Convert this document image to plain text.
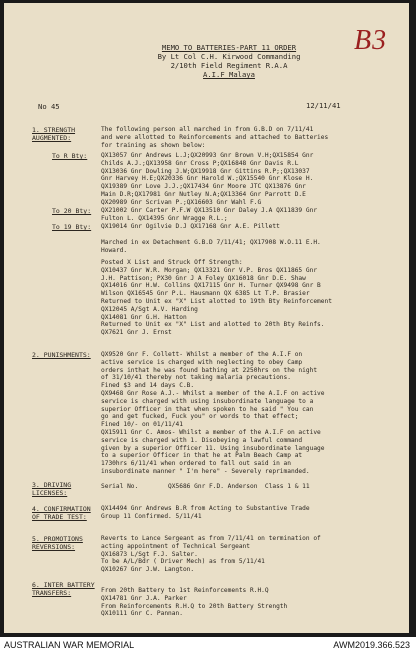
B3
MEMO TO BATTERIES-PART 11 ORDER
By Lt Col C.H. Kirwood Commanding
2/10th Field Regiment R.A.A
A.I.F Malaya
No 45	12/11/41
1. STRENGTH AUGMENTED:
The following person all marched in from G.B.D on 7/11/41
and were allotted to Reinforcements and attached to Batteries
for training as shown below:
To R Bty: QX13057 Gnr Andrews L.J;QX20993 Gnr Brown V.H;QX15854 Gnr
Childs A.J.;QX13958 Gnr Cross P;QX16848 Gnr Davis R.L
QX13036 Gnr Dowling J.W;QX19918 Gnr Gittins R.P;;QX13037
Gnr Harvey H.E;QX20336 Gnr Harold W.;QX15540 Gnr Klose H.
QX19389 Gnr Love J.J.;QX17434 Gnr Moore JTC QX13876 Gnr
Main D.R;QX17981 Gnr Nutley N.A;QX13364 Gnr Parrott D.E
QX20989 Gnr Scrivan P.;QX16603 Gnr Wahl F.G
To 20 Bty: QX21002 Gnr Carter P.F.W QX13510 Gnr Daley J.A QX11839 Gnr
Fulton L. QX14395 Gnr Wragge R.L.;
To 19 Bty: QX19014 Gnr Ogilvie D.J QX17168 Gnr A.E. Pillett
Marched in ex Detachment G.B.D 7/11/41; QX17908 W.O.11 E.H.
Howard.
Posted X List and Struck Off Strength:
QX10437 Gnr W.R. Morgan; QX13321 Gnr V.P. Bros QX11865 Gnr
J.H. Pattison; PX30 Gnr J A Foley QX16018 Gnr D.E. Shaw
QX14016 Gnr H.W. Collins QX17115 Gnr H. Turner QX9498 Gnr B
Wilson QX16545 Gnr P.L. Hausmann QX 6385 Lt T.P. Brasier
Returned to Unit ex "X" List alotted to 19th Bty Reinforcement
QX12045 A/Sgt A.V. Harding
QX14081 Gnr G.H. Hatton
Returned to Unit ex "X" List and alotted to 20th Bty Reinfs.
QX7621 Gnr J. Ernst
2. PUNISHMENTS:	QX9520 Gnr F. Collett- Whilst a member of the A.I.F on
active service is charged with neglecting to obey Camp
orders inthat he was found bathing at 2250hrs on the night
of 31/10/41 thereby not taking malaria precautions.
Fined $3 and 14 days C.B.
QX9468 Gnr Rose A.J.- Whilst a member of the A.I.F on active
service is charged with using insubordinate language to a
superior Officer in that when spoken to he said " You can
go and get fucked, Fuck you" or words to that effect;
Fined 10/- on 01/11/41
QX15911 Gnr C. Amos- Whilst a member of the A.I.F on active
service is charged with 1. Disobeying a lawful command
given by a superior Officer 11. Using insubordinate language
to a superior Officer in that he at Palm Beach Camp at
1730hrs 6/11/41 when ordered to fall out said in an
insubordinate manner " I'm here" - Severely reprimanded.
3. DRIVING LICENSES:
Serial No.        QX5686 Gnr F.D. Anderson  Class 1 & 11
4. CONFIRMATION OF TRADE TEST:
QX14494 Gnr Andrews B.R from Acting to Substantive Trade
Group 11 Confirmed. 5/11/41
5. PROMOTIONS REVERSIONS:
Reverts to Lance Sergeant as from 7/11/41 on termination of
acting appointment of Technical Sergeant
QX16873 L/Sgt F.J. Salter.
To be A/L/Bdr ( Driver Mech) as from 5/11/41
QX10267 Gnr J.W. Langton.
6. INTER BATTERY TRANSFERS:	From 20th Battery to 1st Reinforcements R.H.Q
QX14781 Gnr J.A. Parker
From Reinforcements R.H.Q to 20th Battery Strength
QX10111 Gnr C. Pannan.
AUSTRALIAN WAR MEMORIAL	AWM2019.366.523
